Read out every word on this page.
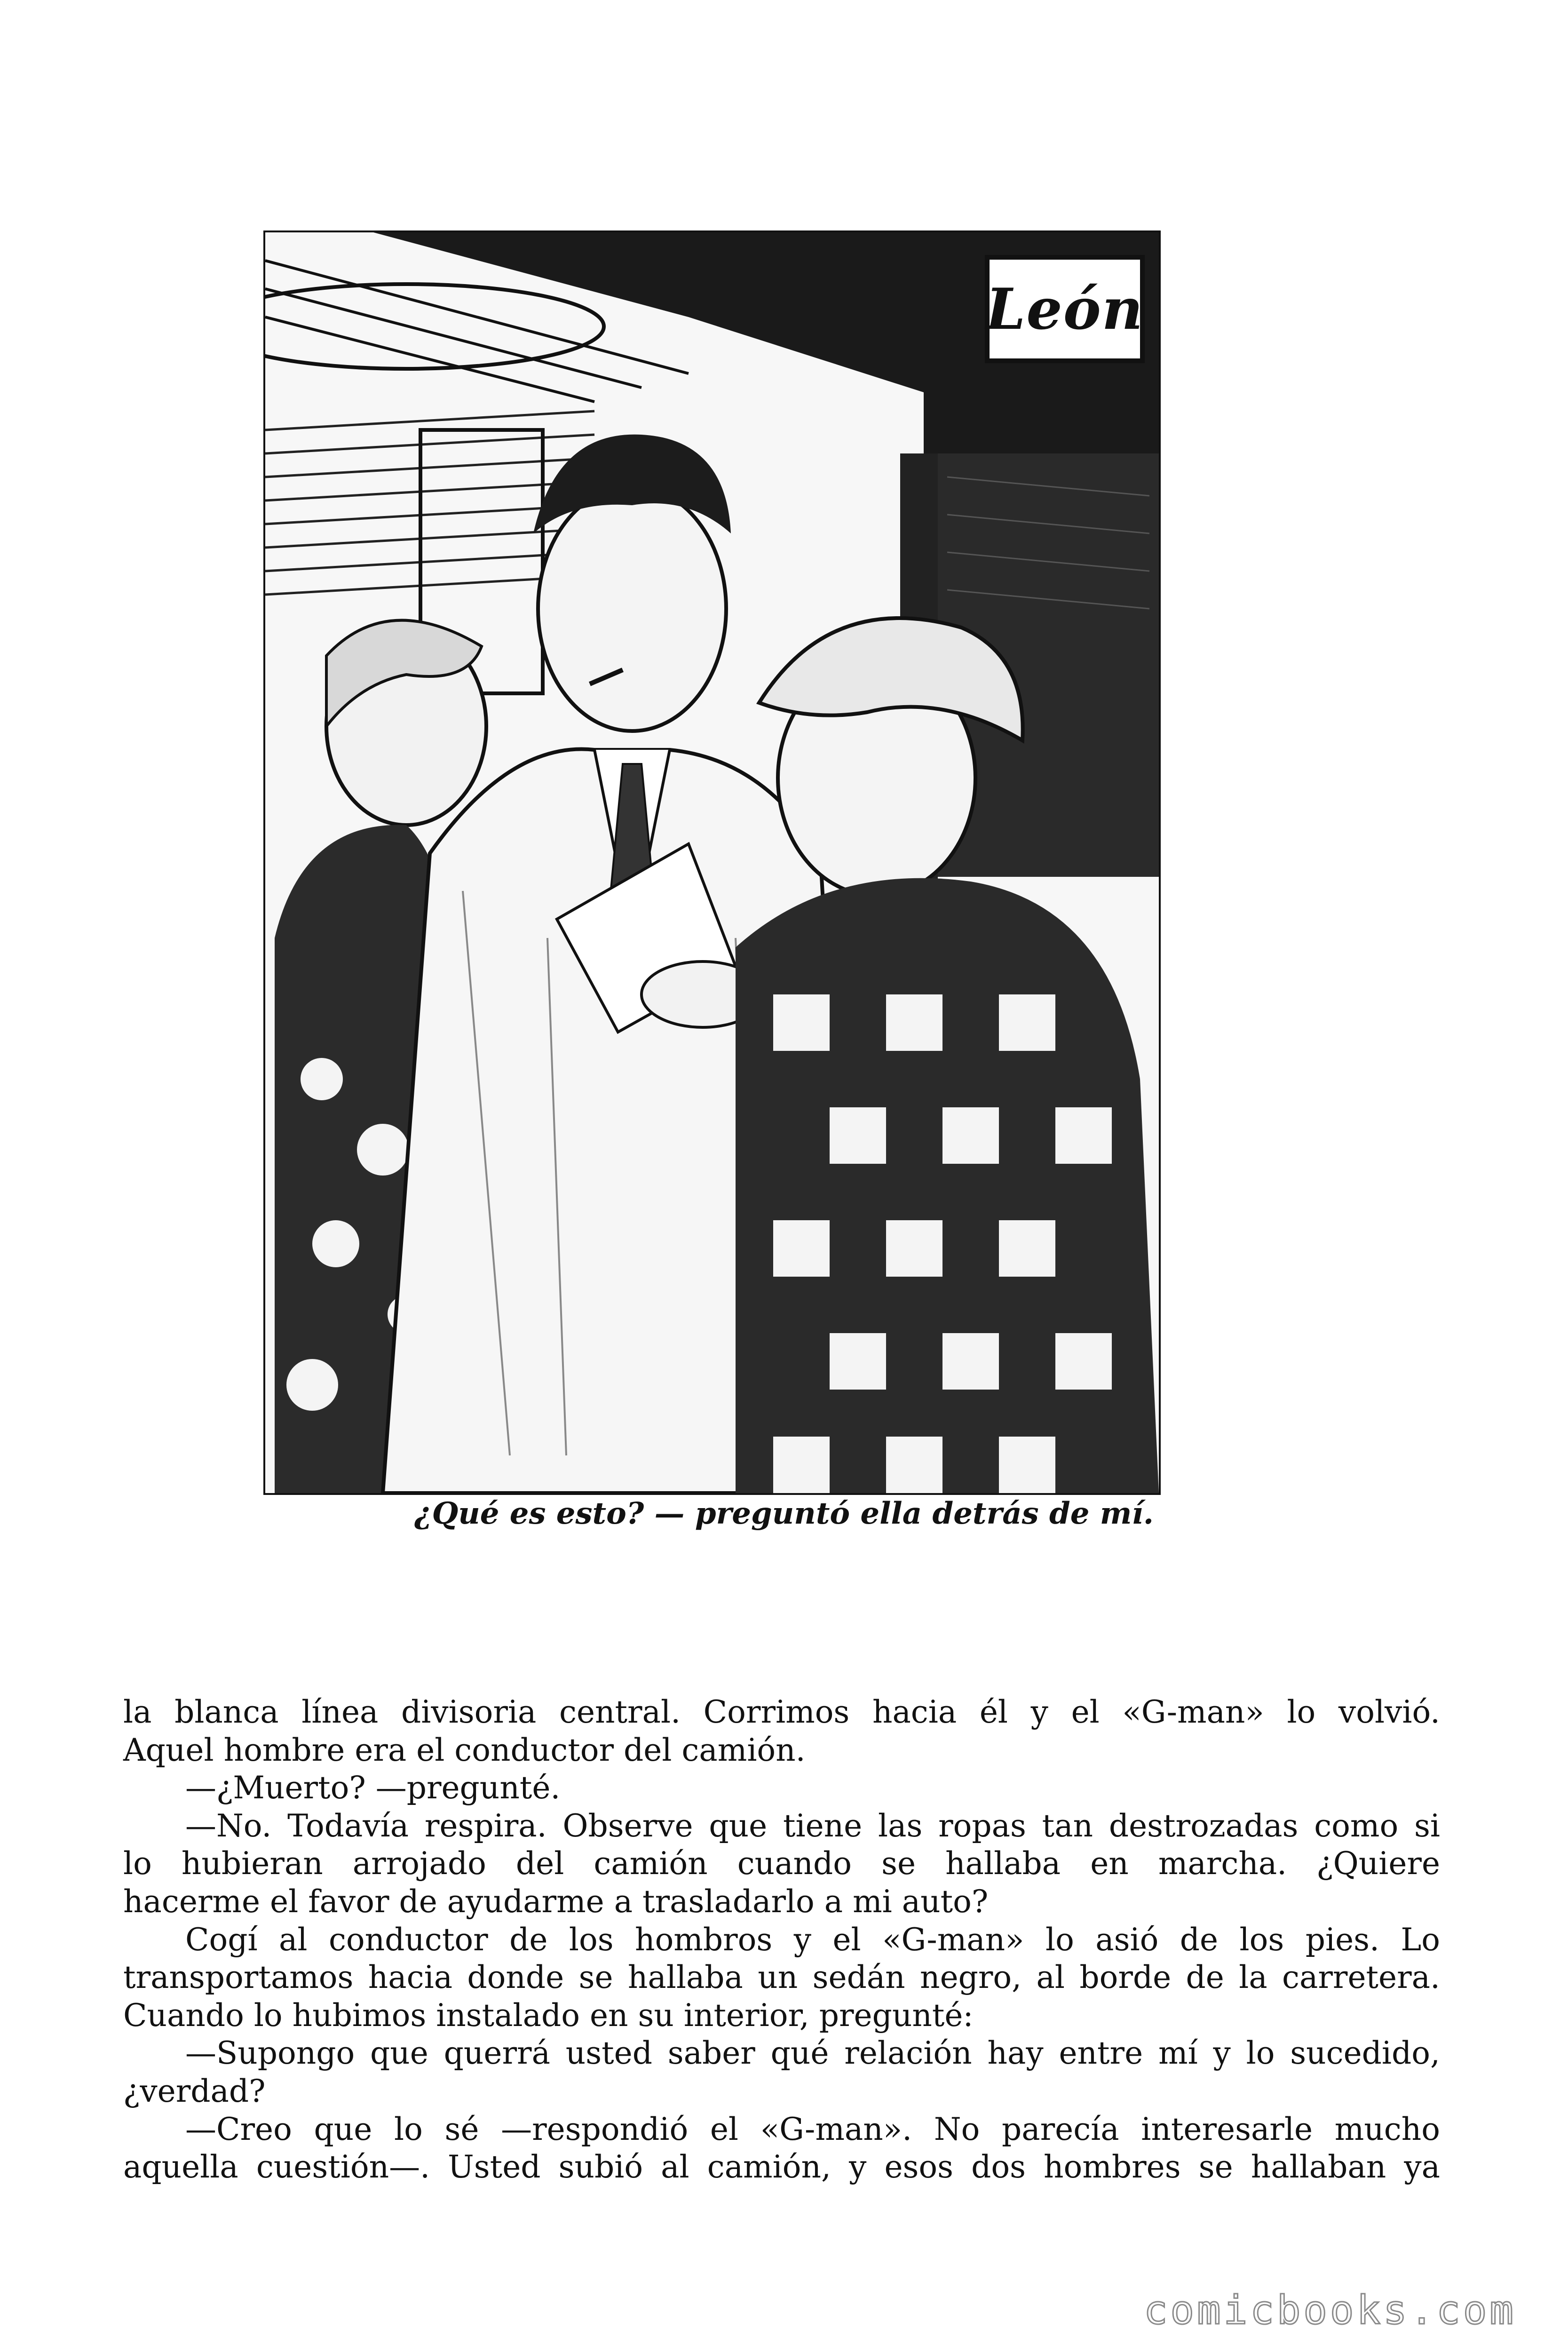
León
¿Qué es esto? — preguntó ella detrás de mí.
la blanca línea divisoria central. Corrimos hacia él y el «G-man» lo volvió.
Aquel hombre era el conductor del camión.
—¿Muerto? —pregunté.
—No. Todavía respira. Observe que tiene las ropas tan destrozadas como si
lo hubieran arrojado del camión cuando se hallaba en marcha. ¿Quiere
hacerme el favor de ayudarme a trasladarlo a mi auto?
Cogí al conductor de los hombros y el «G-man» lo asió de los pies. Lo
transportamos hacia donde se hallaba un sedán negro, al borde de la carretera.
Cuando lo hubimos instalado en su interior, pregunté:
—Supongo que querrá usted saber qué relación hay entre mí y lo sucedido,
¿verdad?
—Creo que lo sé —respondió el «G-man». No parecía interesarle mucho
aquella cuestión—. Usted subió al camión, y esos dos hombres se hallaban ya
comicbooks.com
